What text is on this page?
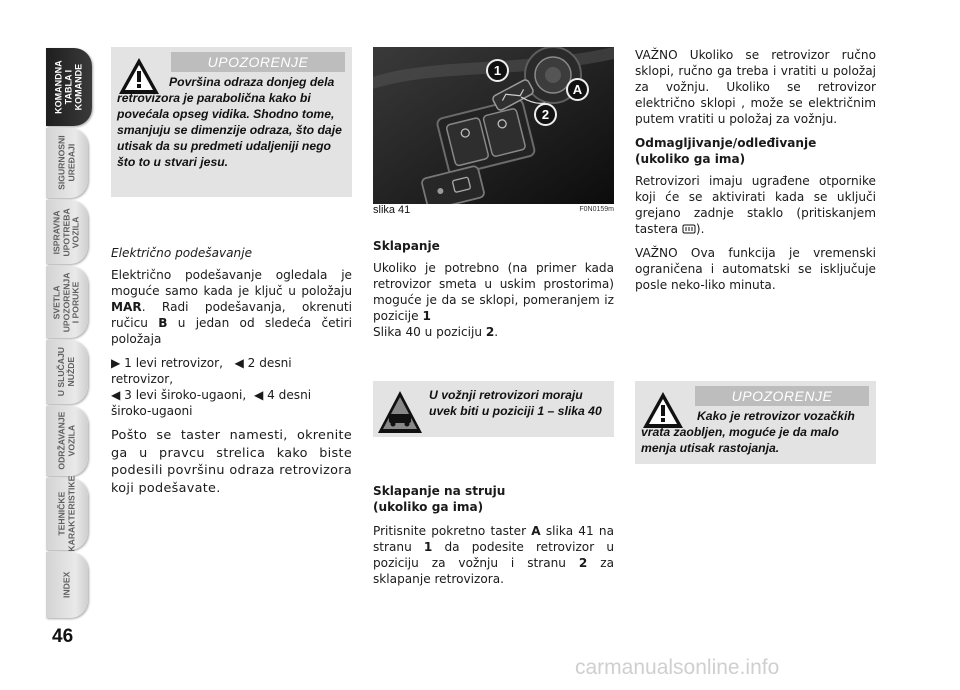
KOMANDNA
TABLA I
KOMANDE
SIGURNOSNI
UREĐAJI
ISPRAVNA
UPOTREBA
VOZILA
SVETLA
UPOZORENJA
I PORUKE
U SLUČAJU
NUŽDE
ODRŽAVANJE
VOZILA
TEHNIČKE
KARAKTERISTIKE
INDEX
46
UPOZORENJE
Površina odraza donjeg dela retrovizora je parabolična kako bi povećala opseg vidika. Shodno tome, smanjuju se dimenzije odraza, što daje utisak da su predmeti udaljeniji nego što to u stvari jesu.

Električno podešavanje

Električno podešavanje ogledala je moguće samo kada je ključ u položaju MAR. Radi podešavanja, okrenuti ručicu B u jedan od sledeća četiri položaja

▶ 1 levi retrovizor, ◀ 2 desni retrovizor,
◀ 3 levi široko-ugaoni, ◀ 4 desni široko-ugaoni

Pošto se taster namesti, okrenite ga u pravcu strelica kako biste podesili površinu odraza retrovizora koji podešavate.

1
A
2
slika 41	F0N0159m

Sklapanje

Ukoliko je potrebno (na primer kada retrovizor smeta u uskim prostorima) moguće je da se sklopi, pomeranjem iz pozicije 1
Slika 40 u poziciju 2.

U vožnji retrovizori moraju uvek biti u poziciji 1 – slika 40

Sklapanje na struju

(ukoliko ga ima)

Pritisnite pokretno taster A slika 41 na stranu 1 da podesite retrovizor u poziciju za vožnju i stranu 2 za sklapanje retrovizora.

VAŽNO Ukoliko se retrovizor ručno sklopi, ručno ga treba i vratiti u položaj za vožnju. Ukoliko se retrovizor električno sklopi , može se električnim putem vratiti u položaj za vožnju.

Odmagljivanje/odleđivanje

(ukoliko ga ima)

Retrovizori imaju ugrađene otpornike koji će se aktivirati kada se uključi grejano zadnje staklo (pritiskanjem tastera ).

VAŽNO Ova funkcija je vremenski ograničena i automatski se isključuje posle neko-liko minuta.

UPOZORENJE
Kako je retrovizor vozačkih vrata zaobljen, moguće je da malo menja utisak rastojanja.
carmanualsonline.info
